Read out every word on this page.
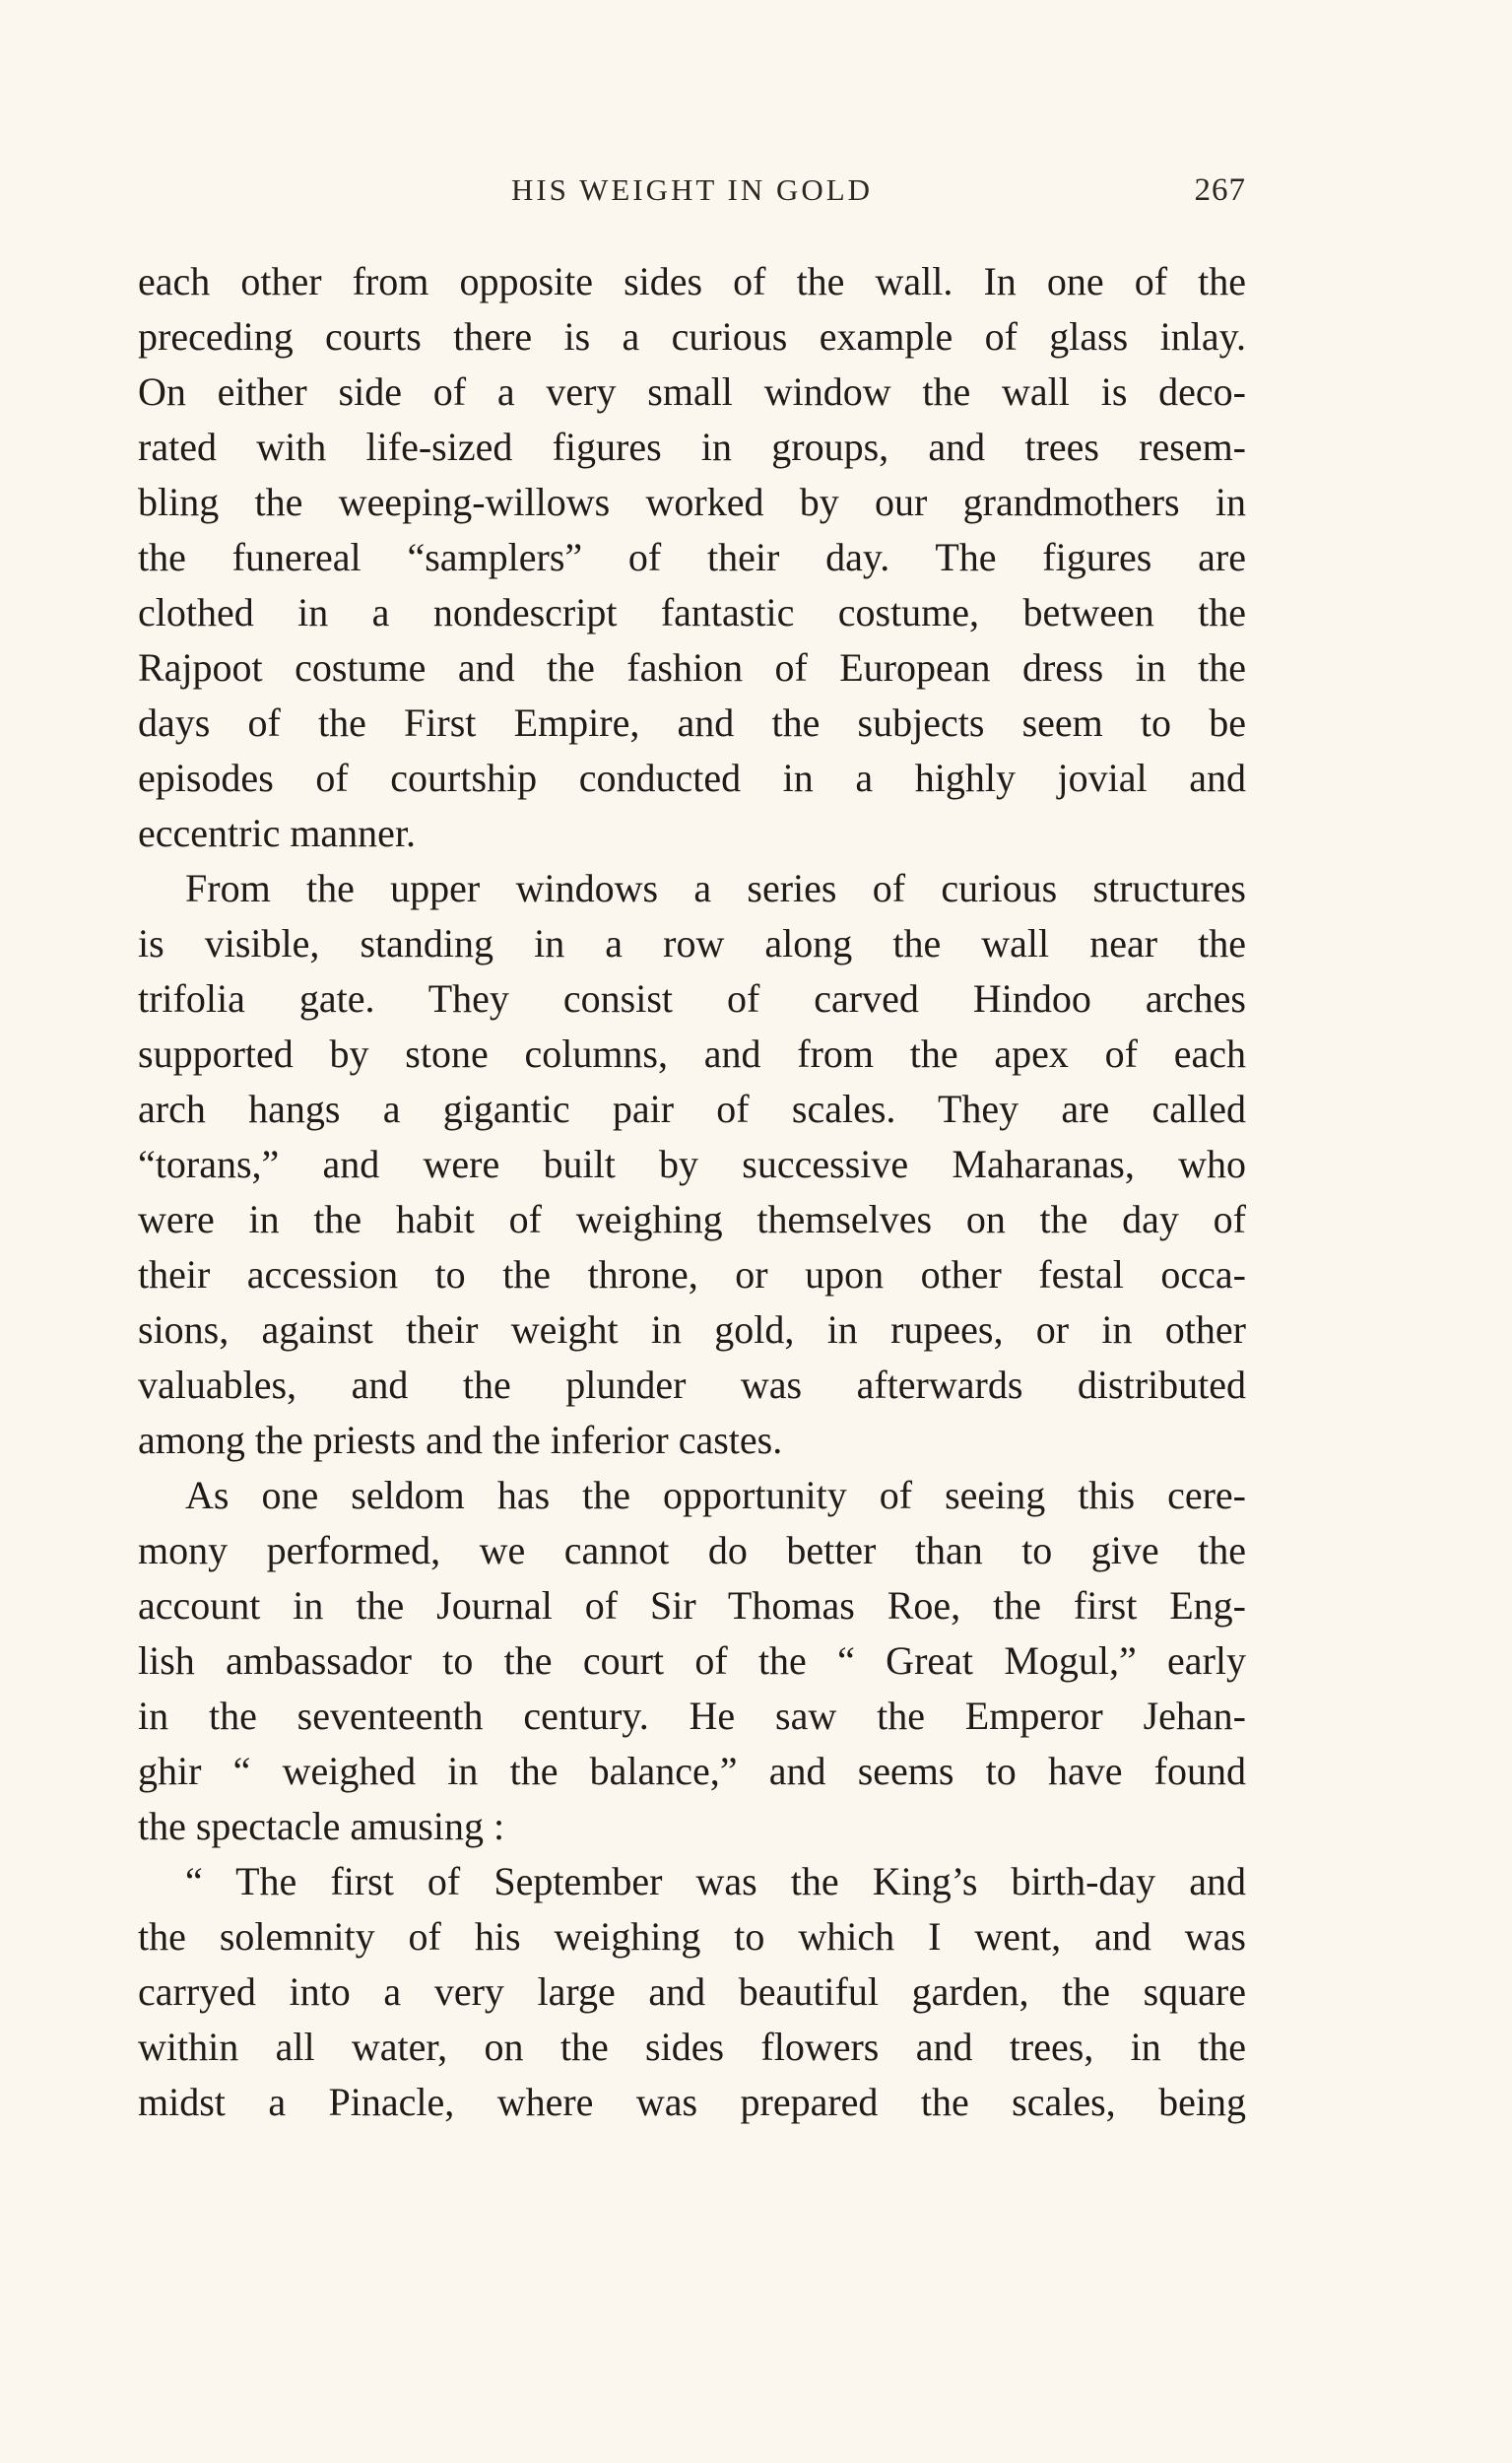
HIS WEIGHT IN GOLD	267
each other from opposite sides of the wall. In one of the
preceding courts there is a curious example of glass inlay.
On either side of a very small window the wall is deco-
rated with life-sized figures in groups, and trees resem-
bling the weeping-willows worked by our grandmothers in
the funereal “samplers” of their day. The figures are
clothed in a nondescript fantastic costume, between the
Rajpoot costume and the fashion of European dress in the
days of the First Empire, and the subjects seem to be
episodes of courtship conducted in a highly jovial and
eccentric manner.
From the upper windows a series of curious structures
is visible, standing in a row along the wall near the
trifolia gate. They consist of carved Hindoo arches
supported by stone columns, and from the apex of each
arch hangs a gigantic pair of scales. They are called
“torans,” and were built by successive Maharanas, who
were in the habit of weighing themselves on the day of
their accession to the throne, or upon other festal occa-
sions, against their weight in gold, in rupees, or in other
valuables, and the plunder was afterwards distributed
among the priests and the inferior castes.
As one seldom has the opportunity of seeing this cere-
mony performed, we cannot do better than to give the
account in the Journal of Sir Thomas Roe, the first Eng-
lish ambassador to the court of the “ Great Mogul,” early
in the seventeenth century. He saw the Emperor Jehan-
ghir “ weighed in the balance,” and seems to have found
the spectacle amusing :
“ The first of September was the King’s birth-day and
the solemnity of his weighing to which I went, and was
carryed into a very large and beautiful garden, the square
within all water, on the sides flowers and trees, in the
midst a Pinacle, where was prepared the scales, being
